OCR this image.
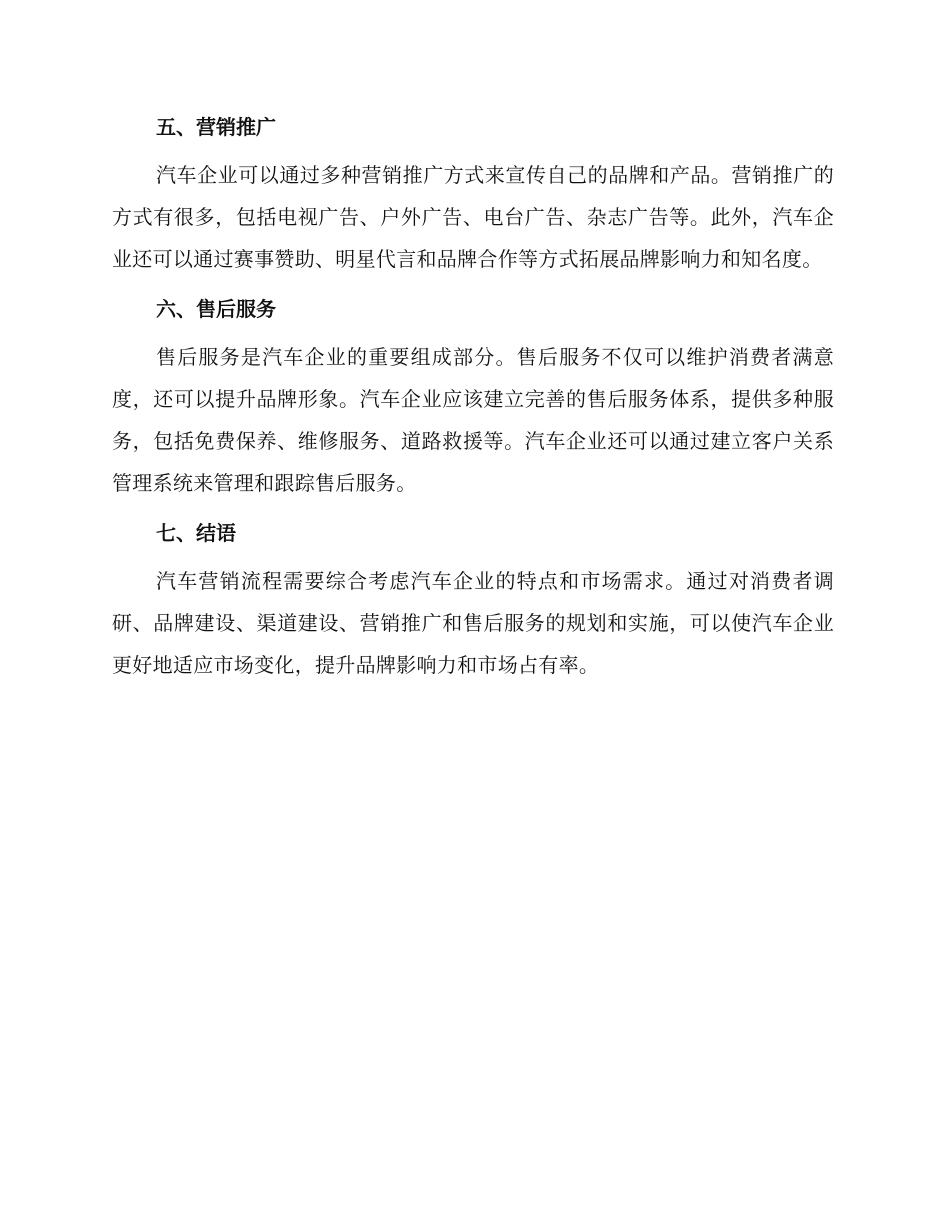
五、营销推广

汽车企业可以通过多种营销推广方式来宣传自己的品牌和产品。营销推广的方式有很多，包括电视广告、户外广告、电台广告、杂志广告等。此外，汽车企业还可以通过赛事赞助、明星代言和品牌合作等方式拓展品牌影响力和知名度。

六、售后服务

售后服务是汽车企业的重要组成部分。售后服务不仅可以维护消费者满意度，还可以提升品牌形象。汽车企业应该建立完善的售后服务体系，提供多种服务，包括免费保养、维修服务、道路救援等。汽车企业还可以通过建立客户关系管理系统来管理和跟踪售后服务。

七、结语

汽车营销流程需要综合考虑汽车企业的特点和市场需求。通过对消费者调研、品牌建设、渠道建设、营销推广和售后服务的规划和实施，可以使汽车企业更好地适应市场变化，提升品牌影响力和市场占有率。
